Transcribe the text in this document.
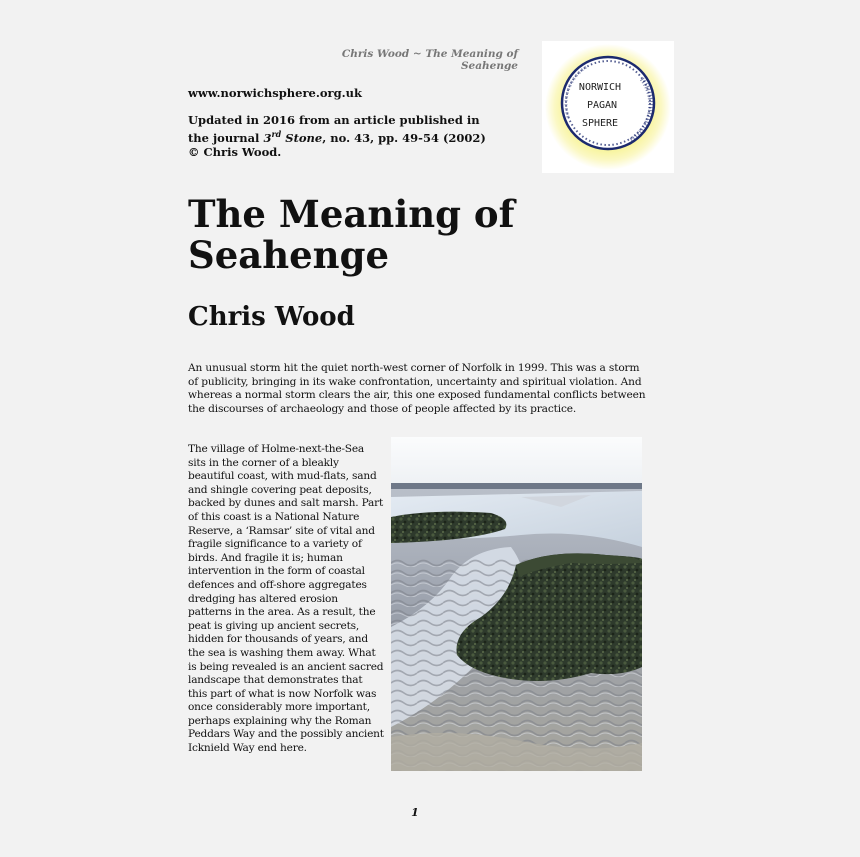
Chris Wood ~ The Meaning of Seahenge
NORWICH
PAGAN
SPHERE
www.norwichsphere.org.uk
Updated in 2016 from an article published in
the journal 3rd Stone, no. 43, pp. 49-54 (2002)
© Chris Wood.
The Meaning of
Seahenge
Chris Wood

An unusual storm hit the quiet north-west corner of Norfolk in 1999. This was a storm of publicity, bringing in its wake confrontation, uncertainty and spiritual violation. And whereas a normal storm clears the air, this one exposed fundamental conflicts between the discourses of archaeology and those of people affected by its practice.

The village of Holme-next-the-Sea sits in the corner of a bleakly beautiful coast, with mud-flats, sand and shingle covering peat deposits, backed by dunes and salt marsh. Part of this coast is a National Nature Reserve, a ‘Ramsar’ site of vital and fragile significance to a variety of birds. And fragile it is; human intervention in the form of coastal defences and off-shore aggregates dredging has altered erosion patterns in the area. As a result, the peat is giving up ancient secrets, hidden for thousands of years, and the sea is washing them away. What is being revealed is an ancient sacred landscape that demonstrates that this part of what is now Norfolk was once considerably more important, perhaps explaining why the Roman Peddars Way and the possibly ancient Icknield Way end here.

1
